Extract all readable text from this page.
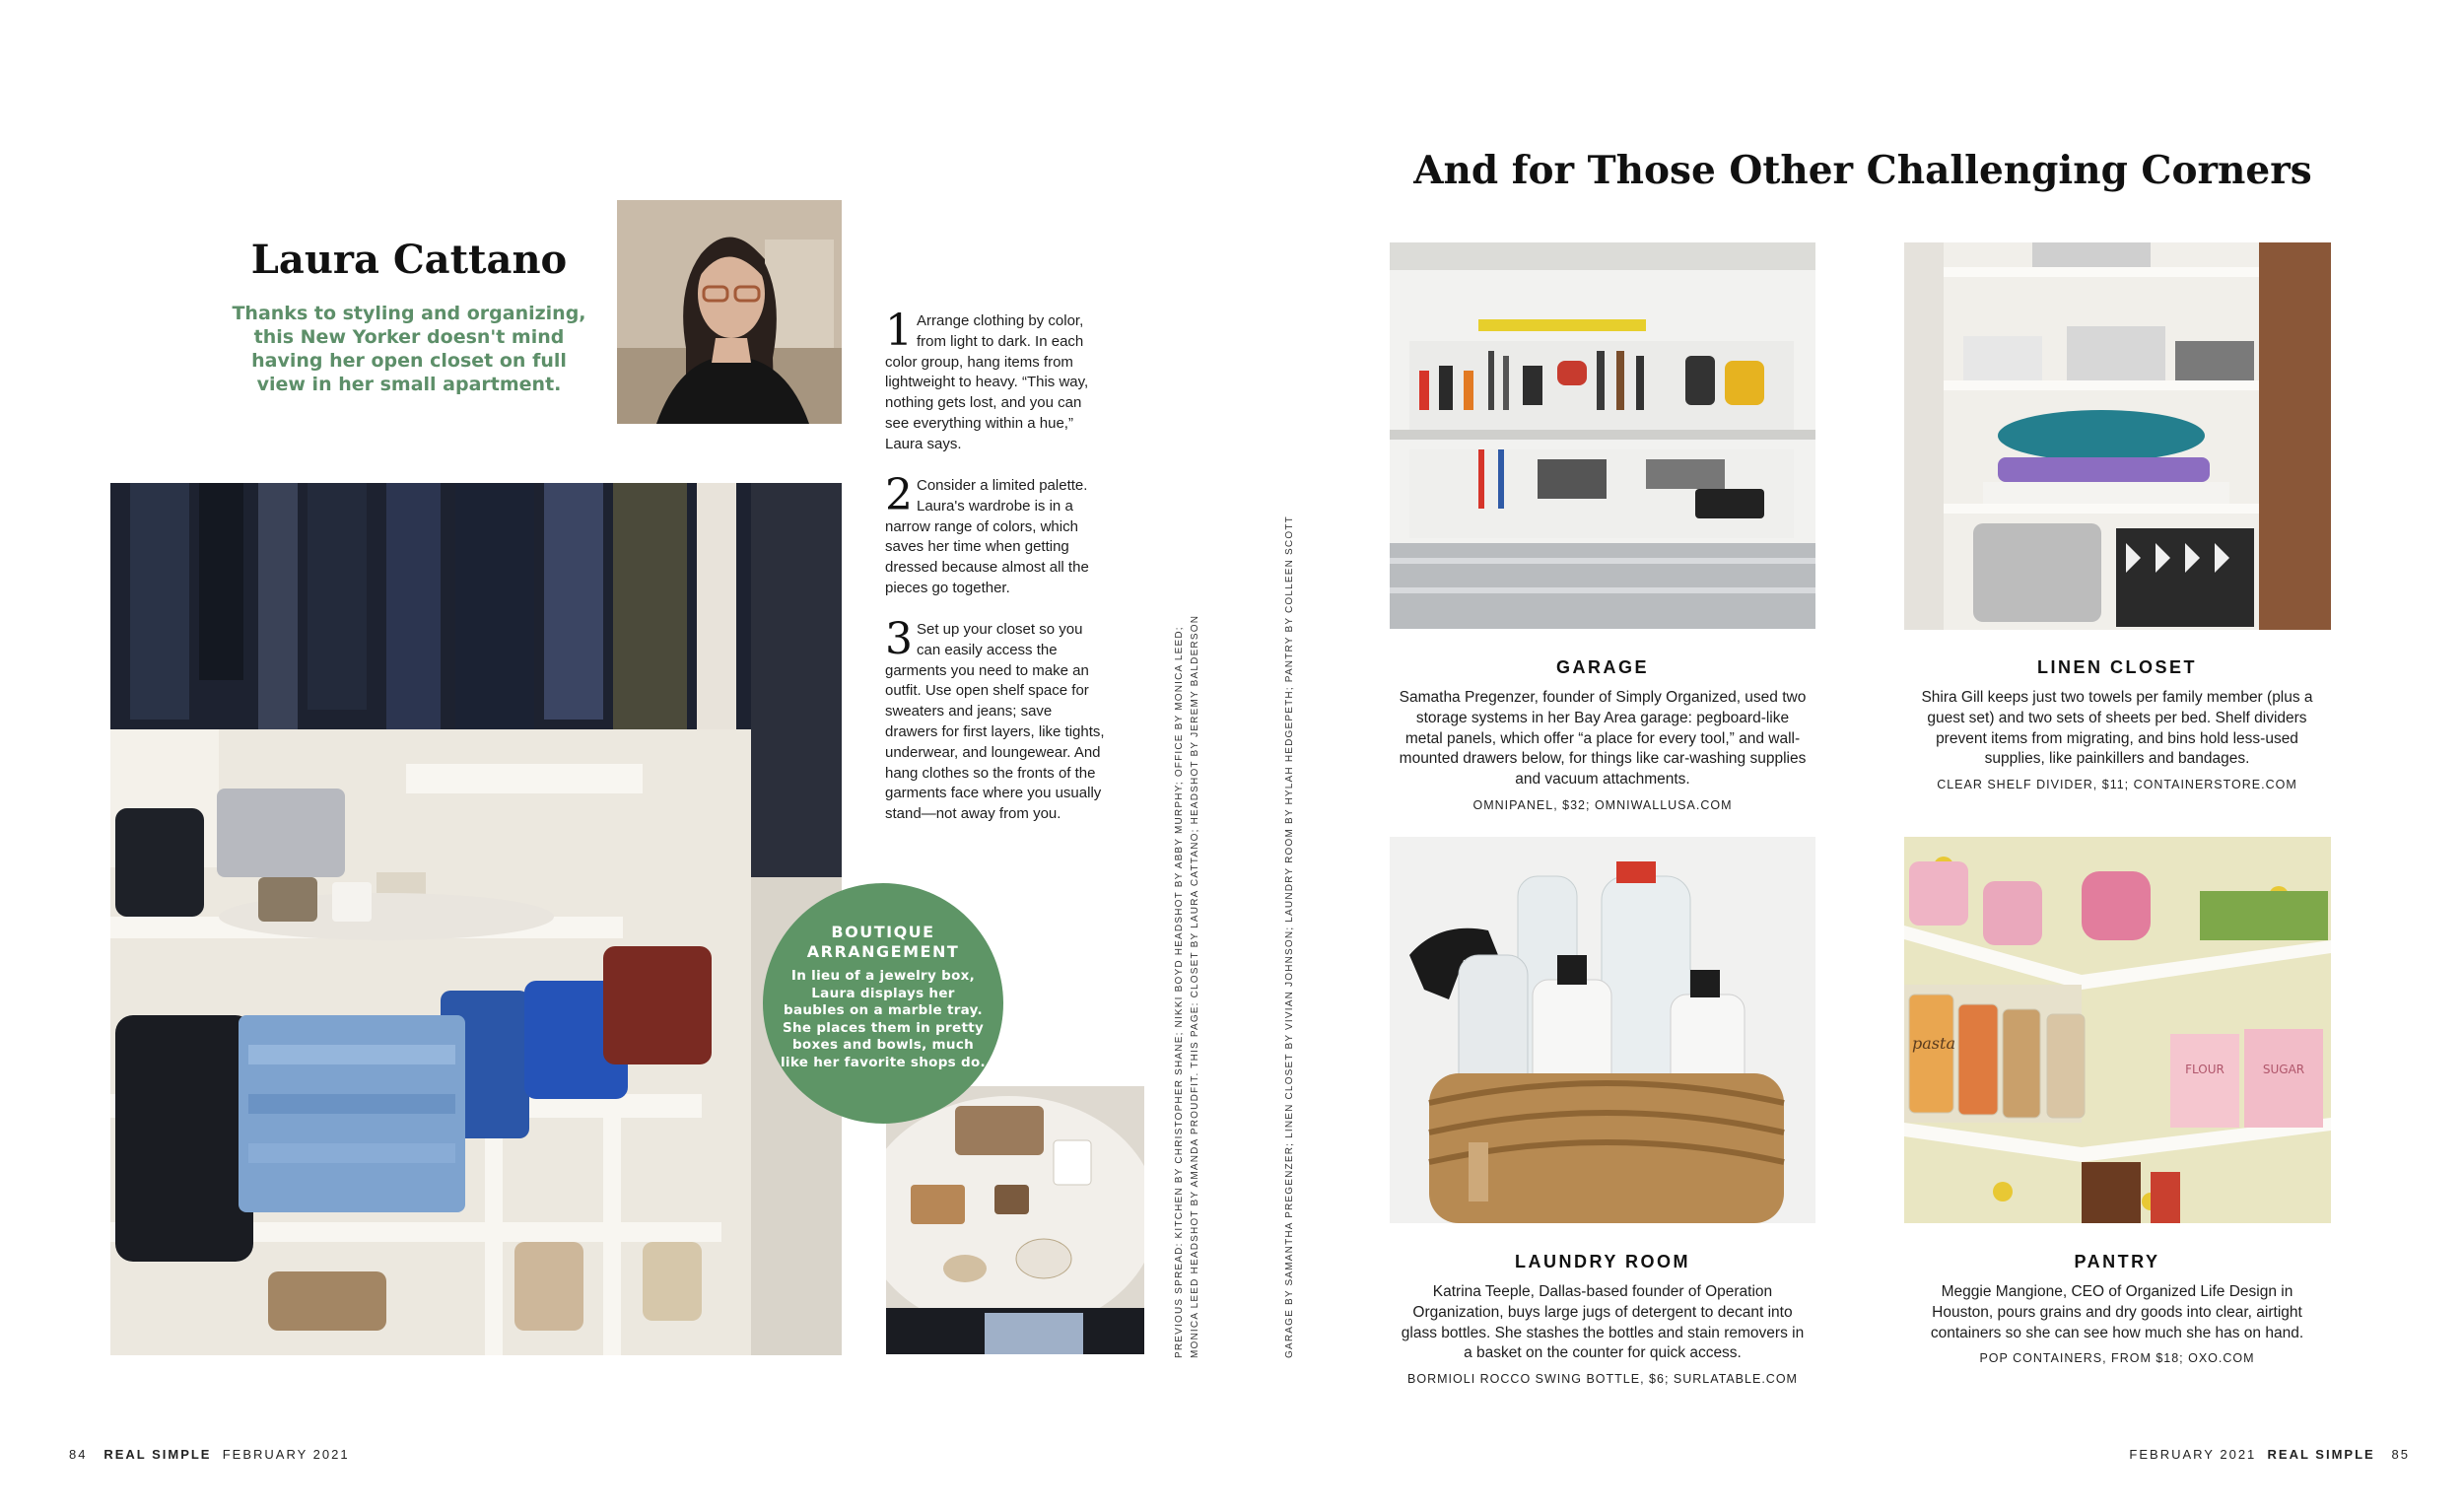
Laura Cattano
Thanks to styling and organizing, this New Yorker doesn't mind having her open closet on full view in her small apartment.
1 Arrange clothing by color, from light to dark. In each color group, hang items from lightweight to heavy. “This way, nothing gets lost, and you can see everything within a hue,” Laura says.
2 Consider a limited palette. Laura's wardrobe is in a narrow range of colors, which saves her time when getting dressed because almost all the pieces go together.
3 Set up your closet so you can easily access the garments you need to make an outfit. Use open shelf space for sweaters and jeans; save drawers for first layers, like tights, underwear, and loungewear. And hang clothes so the fronts of the garments face where you usually stand—not away from you.
BOUTIQUE ARRANGEMENT
In lieu of a jewelry box, Laura displays her baubles on a marble tray. She places them in pretty boxes and bowls, much like her favorite shops do.	PREVIOUS SPREAD: KITCHEN BY CHRISTOPHER SHANE; NIKKI BOYD HEADSHOT BY ABBY MURPHY; OFFICE BY MONICA LEED; MONICA LEED HEADSHOT BY AMANDA PROUDFIT. THIS PAGE: CLOSET BY LAURA CATTANO; HEADSHOT BY JEREMY BALDERSON
84 REAL SIMPLE FEBRUARY 2021
GARAGE BY SAMANTHA PREGENZER; LINEN CLOSET BY VIVIAN JOHNSON; LAUNDRY ROOM BY HYLAH HEDGEPETH; PANTRY BY COLLEEN SCOTT
And for Those Other Challenging Corners
pasta
FLOUR	SUGAR
GARAGE
Samatha Pregenzer, founder of Simply Organized, used two storage systems in her Bay Area garage: pegboard-like metal panels, which offer “a place for every tool,” and wall-mounted drawers below, for things like car-washing supplies and vacuum attachments.
OMNIPANEL, $32; OMNIWALLUSA.COM
LINEN CLOSET
Shira Gill keeps just two towels per family member (plus a guest set) and two sets of sheets per bed. Shelf dividers prevent items from migrating, and bins hold less-used supplies, like painkillers and bandages.
CLEAR SHELF DIVIDER, $11; CONTAINERSTORE.COM
LAUNDRY ROOM
Katrina Teeple, Dallas-based founder of Operation Organization, buys large jugs of detergent to decant into glass bottles. She stashes the bottles and stain removers in a basket on the counter for quick access.
BORMIOLI ROCCO SWING BOTTLE, $6; SURLATABLE.COM
PANTRY
Meggie Mangione, CEO of Organized Life Design in Houston, pours grains and dry goods into clear, airtight containers so she can see how much she has on hand.
POP CONTAINERS, FROM $18; OXO.COM
FEBRUARY 2021 REAL SIMPLE 85
